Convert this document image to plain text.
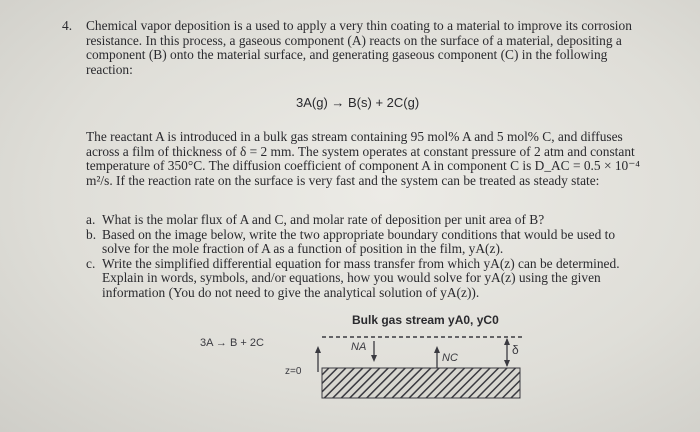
4. Chemical vapor deposition is a used to apply a very thin coating to a material to improve its corrosion resistance. In this process, a gaseous component (A) reacts on the surface of a material, depositing a component (B) onto the material surface, and generating gaseous component (C) in the following reaction:
3A(g) → B(s) + 2C(g)
The reactant A is introduced in a bulk gas stream containing 95 mol% A and 5 mol% C, and diffuses across a film of thickness of δ = 2 mm. The system operates at constant pressure of 2 atm and constant temperature of 350°C. The diffusion coefficient of component A in component C is D_AC = 0.5 × 10⁻⁴ m²/s. If the reaction rate on the surface is very fast and the system can be treated as steady state:
a. What is the molar flux of A and C, and molar rate of deposition per unit area of B?
b. Based on the image below, write the two appropriate boundary conditions that would be used to solve for the mole fraction of A as a function of position in the film, yA(z).
c. Write the simplified differential equation for mass transfer from which yA(z) can be determined. Explain in words, symbols, and/or equations, how you would solve for yA(z) using the given information (You do not need to give the analytical solution of yA(z)).
Bulk gas stream yA0, yC0
3A → B + 2C	NA
NC
δ
z=0
